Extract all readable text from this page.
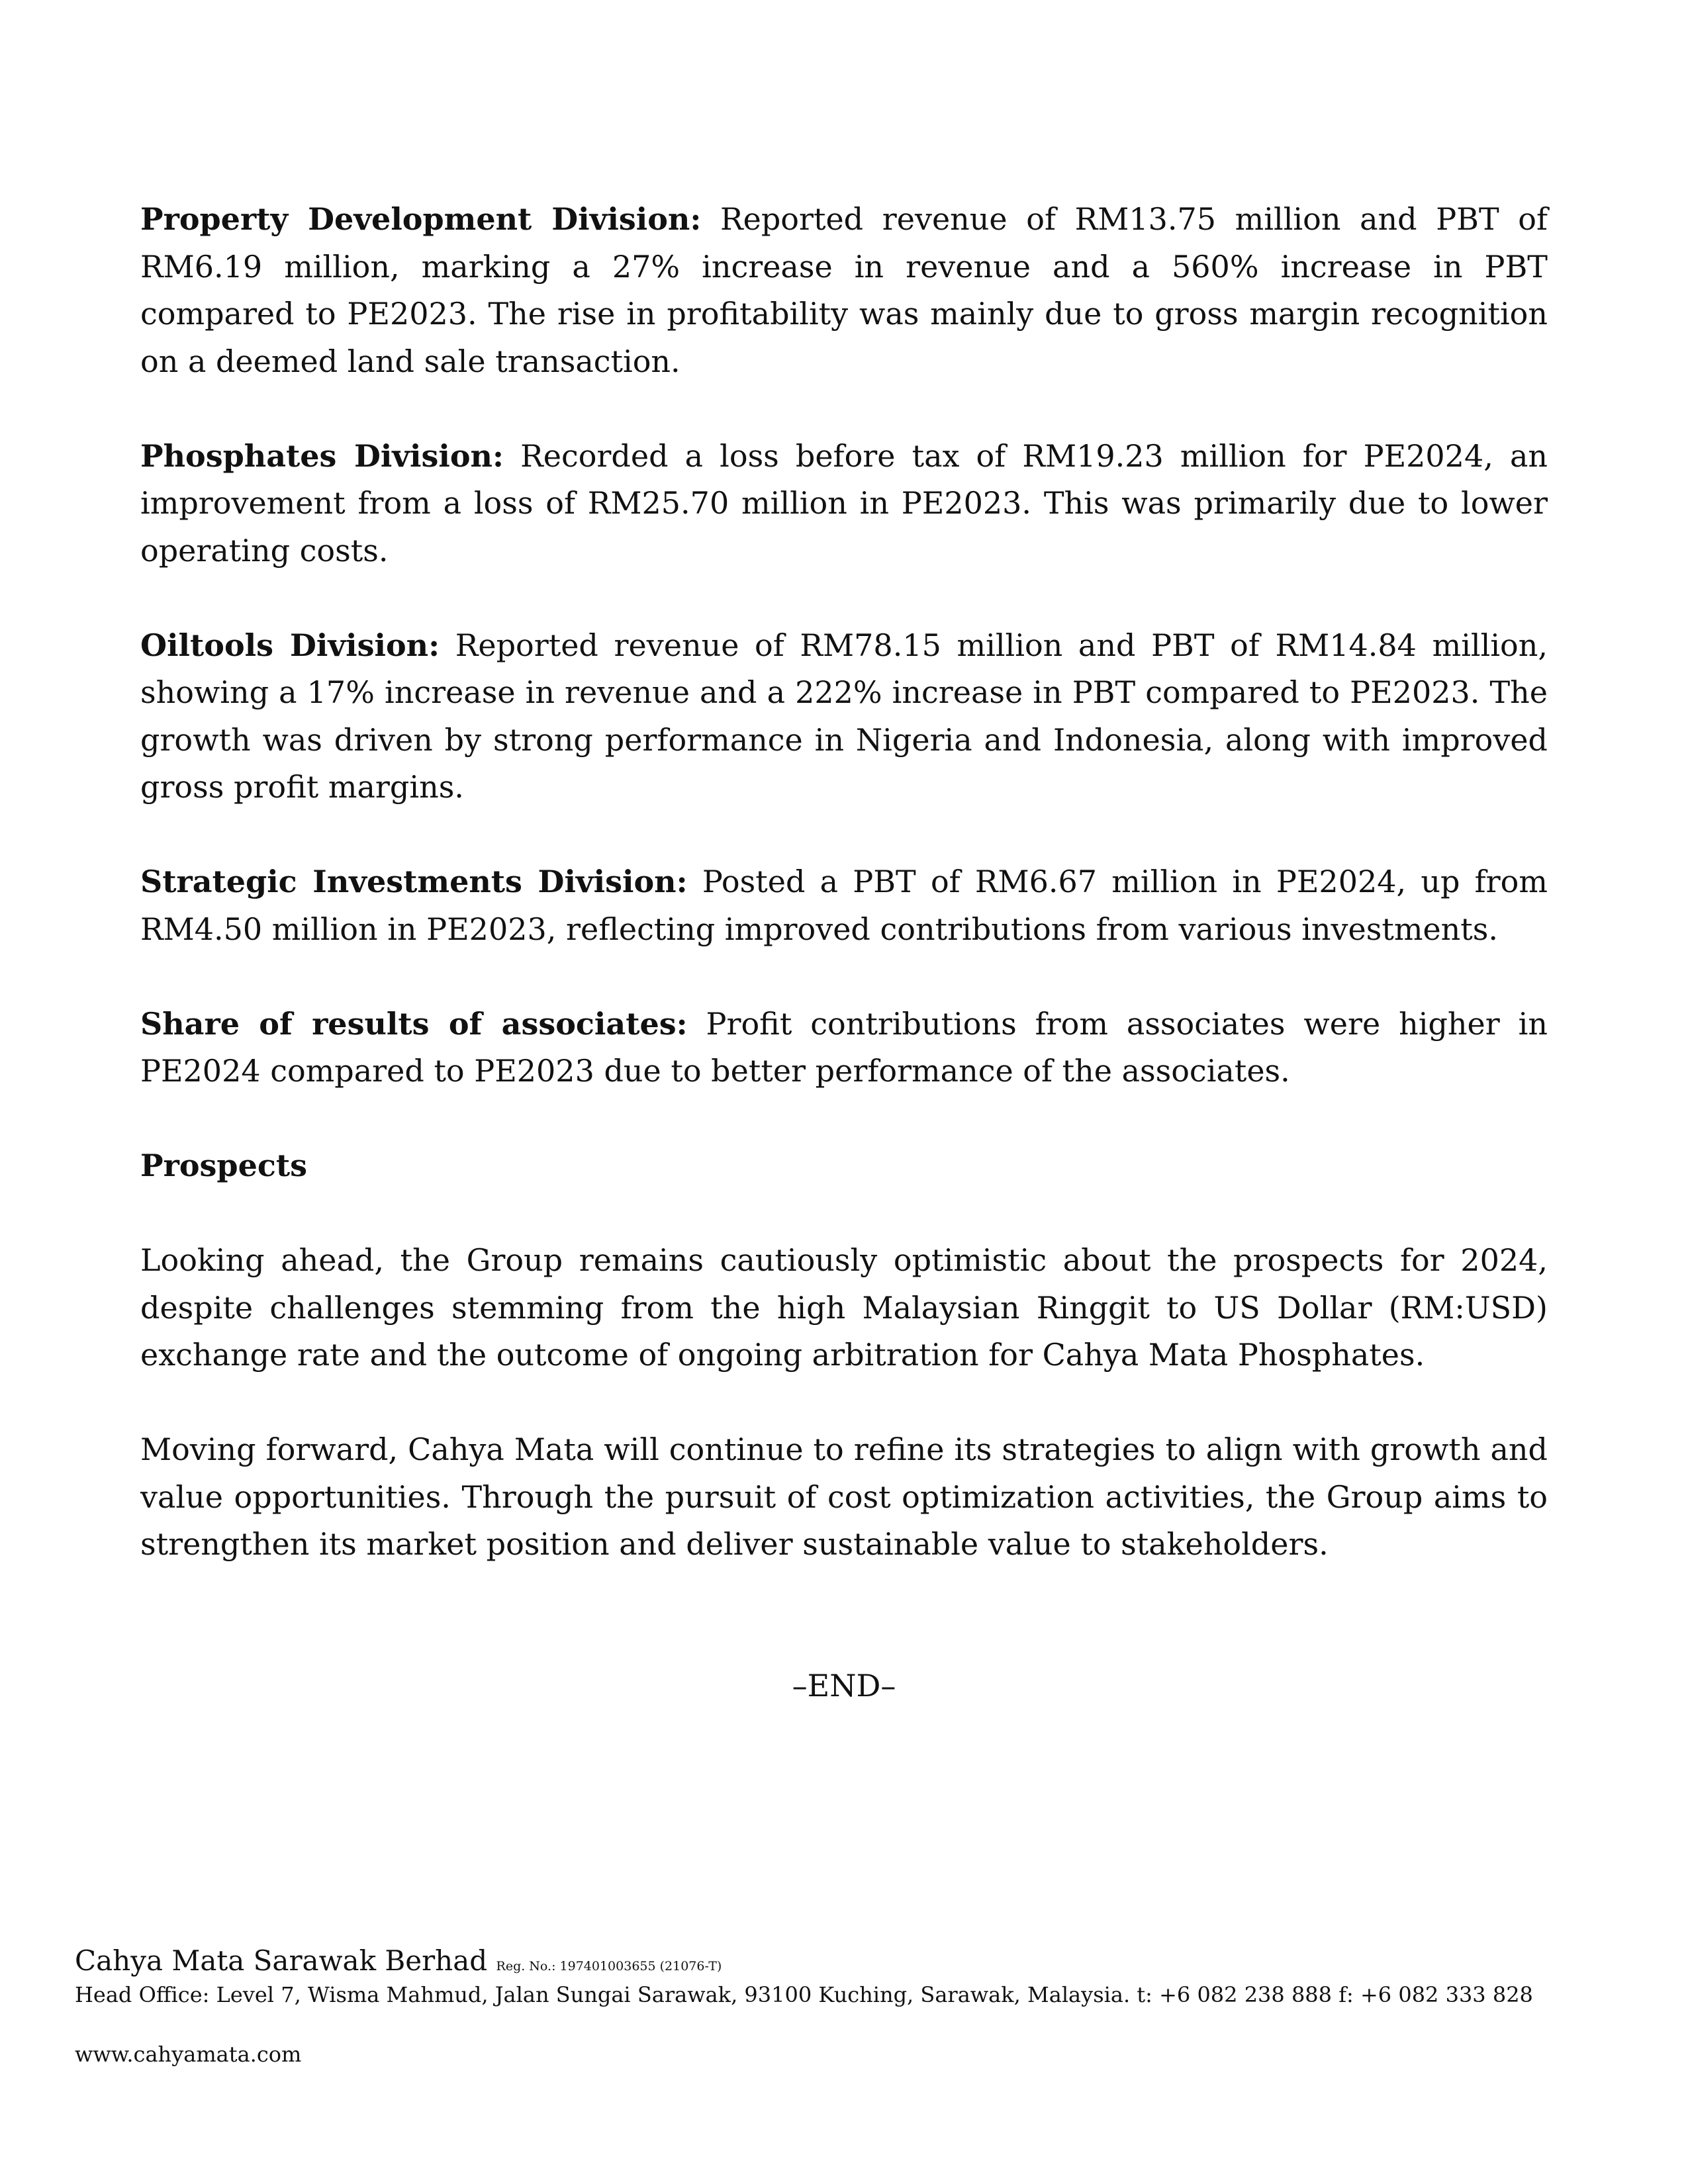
Property Development Division: Reported revenue of RM13.75 million and PBT of RM6.19 million, marking a 27% increase in revenue and a 560% increase in PBT compared to PE2023. The rise in profitability was mainly due to gross margin recognition on a deemed land sale transaction.

Phosphates Division: Recorded a loss before tax of RM19.23 million for PE2024, an improvement from a loss of RM25.70 million in PE2023. This was primarily due to lower operating costs.

Oiltools Division: Reported revenue of RM78.15 million and PBT of RM14.84 million, showing a 17% increase in revenue and a 222% increase in PBT compared to PE2023. The growth was driven by strong performance in Nigeria and Indonesia, along with improved gross profit margins.

Strategic Investments Division: Posted a PBT of RM6.67 million in PE2024, up from RM4.50 million in PE2023, reflecting improved contributions from various investments.

Share of results of associates: Profit contributions from associates were higher in PE2024 compared to PE2023 due to better performance of the associates.

Prospects

Looking ahead, the Group remains cautiously optimistic about the prospects for 2024, despite challenges stemming from the high Malaysian Ringgit to US Dollar (RM:USD) exchange rate and the outcome of ongoing arbitration for Cahya Mata Phosphates.

Moving forward, Cahya Mata will continue to refine its strategies to align with growth and value opportunities. Through the pursuit of cost optimization activities, the Group aims to strengthen its market position and deliver sustainable value to stakeholders.

–END–
Cahya Mata Sarawak Berhad Reg. No.: 197401003655 (21076-T)
Head Office: Level 7, Wisma Mahmud, Jalan Sungai Sarawak, 93100 Kuching, Sarawak, Malaysia. t: +6 082 238 888 f: +6 082 333 828
www.cahyamata.com
